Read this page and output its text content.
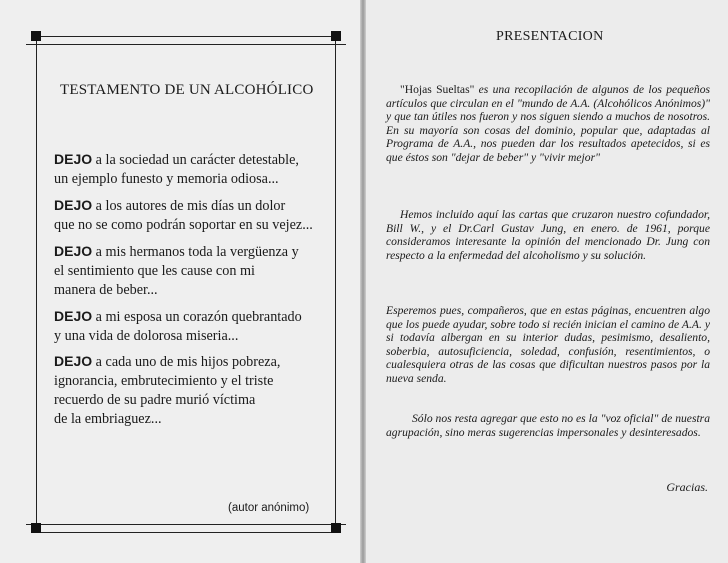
TESTAMENTO DE UN ALCOHÓLICO

DEJO a la sociedad un carácter detestable,
un ejemplo funesto y memoria odiosa...

DEJO a los autores de mis días un dolor
que no se como podrán soportar en su vejez...

DEJO a mis hermanos toda la vergüenza y
el sentimiento que les cause con mi
manera de beber...

DEJO a mi esposa un corazón quebrantado
y una vida de dolorosa miseria...

DEJO a cada uno de mis hijos pobreza,
ignorancia, embrutecimiento y el triste
recuerdo de su padre murió víctima
de la embriaguez...

(autor anónimo)
PRESENTACION

"Hojas Sueltas" es una recopilación de algunos de los pequeños artículos que circulan en el "mundo de A.A. (Alcohólicos Anónimos)" y que tan útiles nos fueron y nos siguen siendo a muchos de nosotros. En su mayoría son cosas del dominio, popular que, adaptadas al Programa de A.A., nos pueden dar los resultados apetecidos, si es que éstos son "dejar de beber" y "vivir mejor"

Hemos incluido aquí las cartas que cruzaron nuestro cofundador, Bill W., y el Dr.Carl Gustav Jung, en enero. de 1961, porque consideramos interesante la opinión del mencionado Dr. Jung con respecto a la enfermedad del alcoholismo y su solución.

Esperemos pues, compañeros, que en estas páginas, encuentren algo que los puede ayudar, sobre todo si recién inician el camino de A.A. y si todavía albergan en su interior dudas, pesimismo, desaliento, soberbia, autosuficiencia, soledad, confusión, resentimientos, o cualesquiera otras de las cosas que dificultan nuestros pasos por la nueva senda.

Sólo nos resta agregar que esto no es la "voz oficial" de nuestra agrupación, sino meras sugerencias impersonales y desinteresados.

Gracias.
